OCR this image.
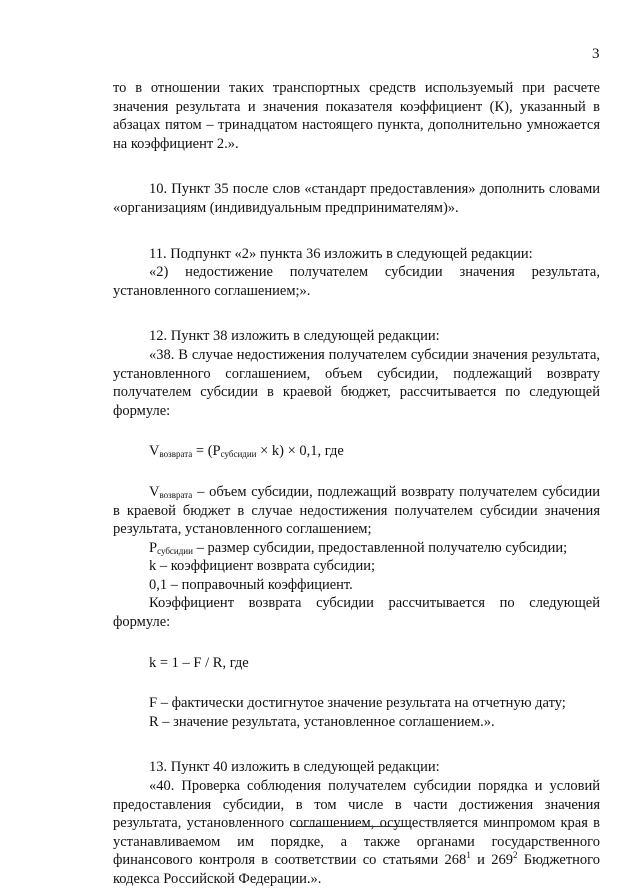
3

то в отношении таких транспортных средств используемый при расчете значения результата и значения показателя коэффициент (К), указанный в абзацах пятом – тринадцатом настоящего пункта, дополнительно умножается на коэффициент 2.».

10. Пункт 35 после слов «стандарт предоставления» дополнить словами «организациям (индивидуальным предпринимателям)».

11. Подпункт «2» пункта 36 изложить в следующей редакции:

«2) недостижение получателем субсидии значения результата, установленного соглашением;».

12. Пункт 38 изложить в следующей редакции:

«38. В случае недостижения получателем субсидии значения результата, установленного соглашением, объем субсидии, подлежащий возврату получателем субсидии в краевой бюджет, рассчитывается по следующей формуле:

$V_{возврата} = (P_{субсидии} \times k) \times 0,1$, где

$V_{возврата}$ – объем субсидии, подлежащий возврату получателем субсидии в краевой бюджет в случае недостижения получателем субсидии значения результата, установленного соглашением;

$P_{субсидии}$ – размер субсидии, предоставленной получателю субсидии;

k – коэффициент возврата субсидии;

0,1 – поправочный коэффициент.

Коэффициент возврата субсидии рассчитывается по следующей формуле:

k = 1 – F / R, где

F – фактически достигнутое значение результата на отчетную дату;

R – значение результата, установленное соглашением.».

13. Пункт 40 изложить в следующей редакции:

«40. Проверка соблюдения получателем субсидии порядка и условий предоставления субсидии, в том числе в части достижения значения результата, установленного соглашением, осуществляется минпромом края в устанавливаемом им порядке, а также органами государственного финансового контроля в соответствии со статьями $268^1$ и $269^2$ Бюджетного кодекса Российской Федерации.».
